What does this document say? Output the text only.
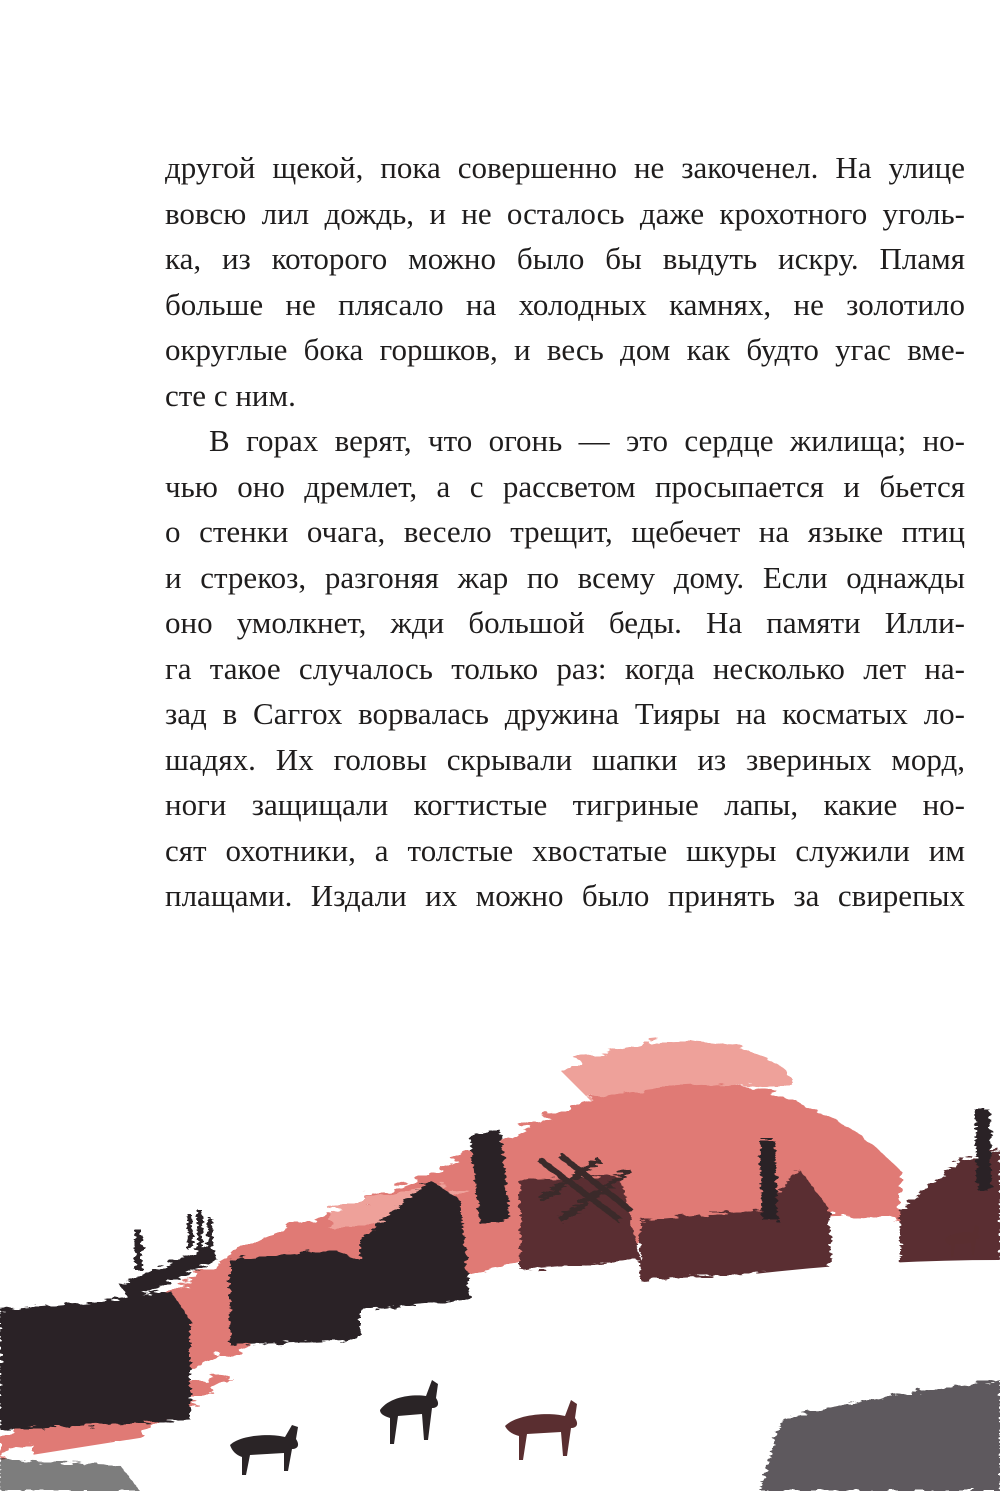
другой щекой, пока совершенно не закоченел. На улице
вовсю лил дождь, и не осталось даже крохотного уголь-
ка, из которого можно было бы выдуть искру. Пламя
больше не плясало на холодных камнях, не золотило
округлые бока горшков, и весь дом как будто угас вме-
сте с ним.
В горах верят, что огонь — это сердце жилища; но-
чью оно дремлет, а с рассветом просыпается и бьется
о стенки очага, весело трещит, щебечет на языке птиц
и стрекоз, разгоняя жар по всему дому. Если однажды
оно умолкнет, жди большой беды. На памяти Илли-
га такое случалось только раз: когда несколько лет на-
зад в Саггох ворвалась дружина Тияры на косматых ло-
шадях. Их головы скрывали шапки из звериных морд,
ноги защищали когтистые тигриные лапы, какие но-
сят охотники, а толстые хвостатые шкуры служили им
плащами. Издали их можно было принять за свирепых
